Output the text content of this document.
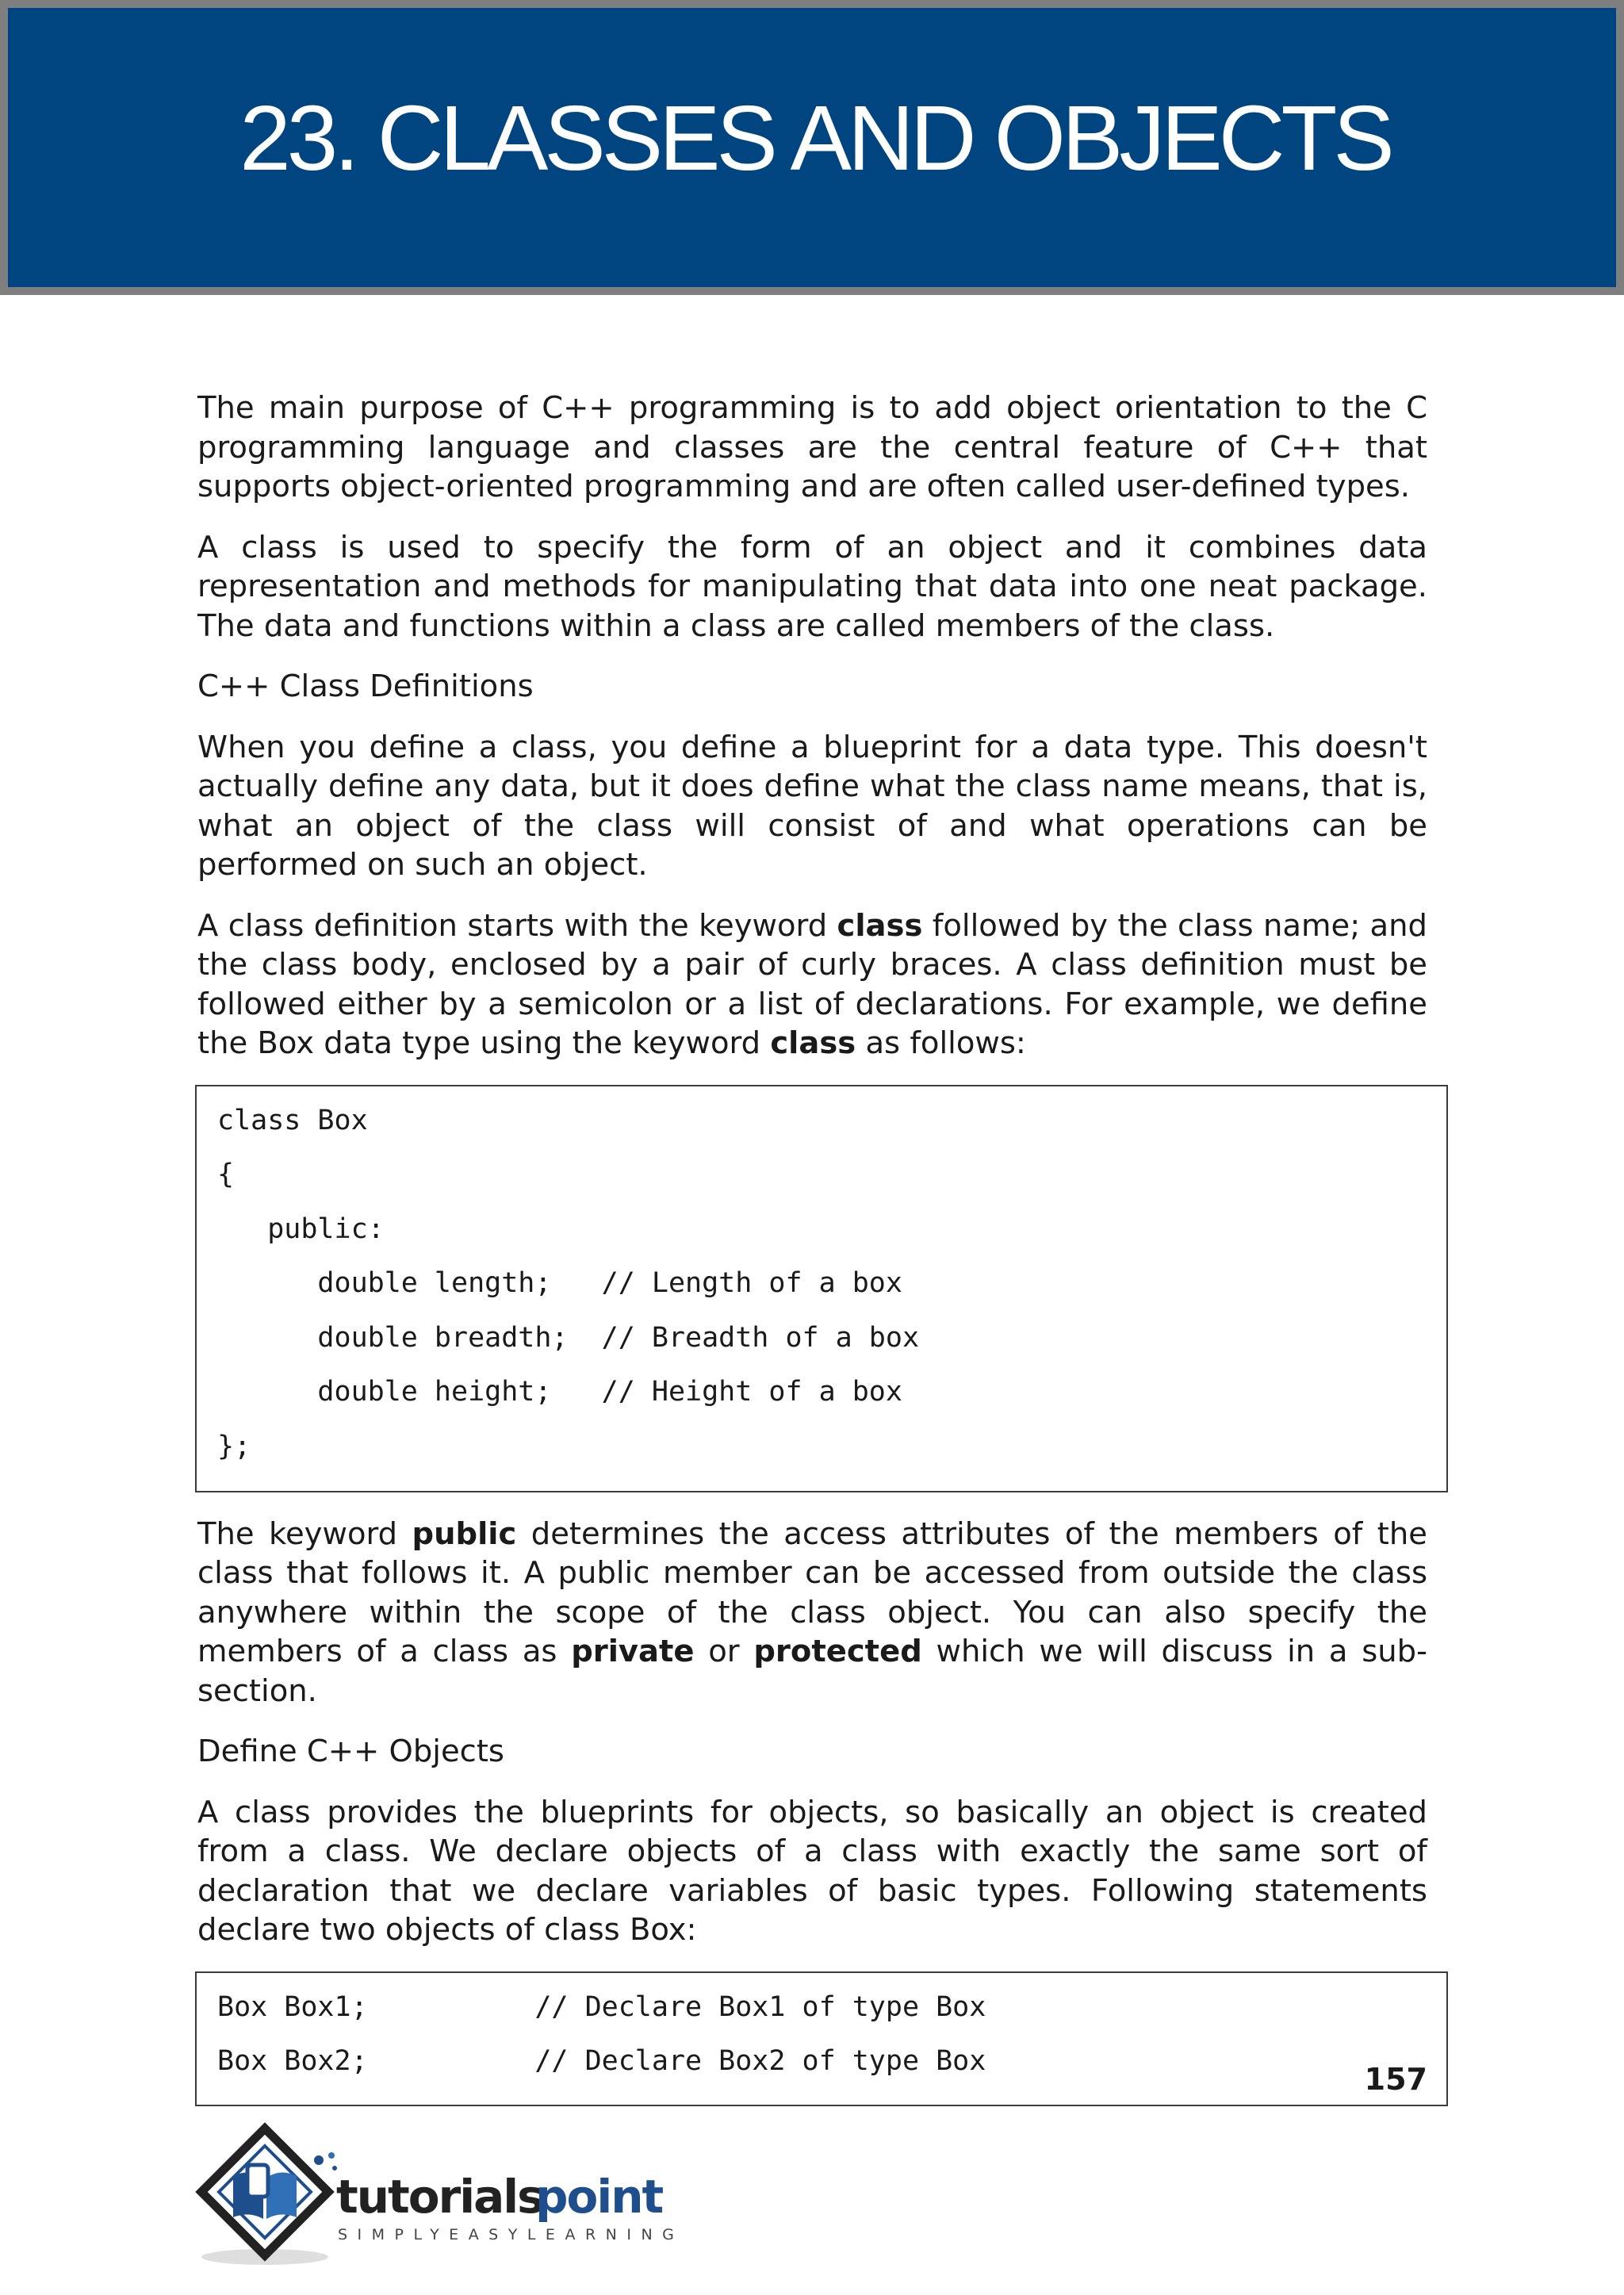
23. CLASSES AND OBJECTS

The main purpose of C++ programming is to add object orientation to the C programming language and classes are the central feature of C++ that supports object-oriented programming and are often called user-defined types.

A class is used to specify the form of an object and it combines data representation and methods for manipulating that data into one neat package. The data and functions within a class are called members of the class.

C++ Class Definitions

When you define a class, you define a blueprint for a data type. This doesn't actually define any data, but it does define what the class name means, that is, what an object of the class will consist of and what operations can be performed on such an object.

A class definition starts with the keyword class followed by the class name; and the class body, enclosed by a pair of curly braces. A class definition must be followed either by a semicolon or a list of declarations. For example, we define the Box data type using the keyword class as follows:

class Box
{
public:
double length;   // Length of a box
double breadth;  // Breadth of a box
double height;   // Height of a box
};

The keyword public determines the access attributes of the members of the class that follows it. A public member can be accessed from outside the class anywhere within the scope of the class object. You can also specify the members of a class as private or protected which we will discuss in a sub-section.

Define C++ Objects

A class provides the blueprints for objects, so basically an object is created from a class. We declare objects of a class with exactly the same sort of declaration that we declare variables of basic types. Following statements declare two objects of class Box:

Box Box1;          // Declare Box1 of type Box
Box Box2;          // Declare Box2 of type Box
157
tutorials
point
SIMPLYEASYLEARNING
